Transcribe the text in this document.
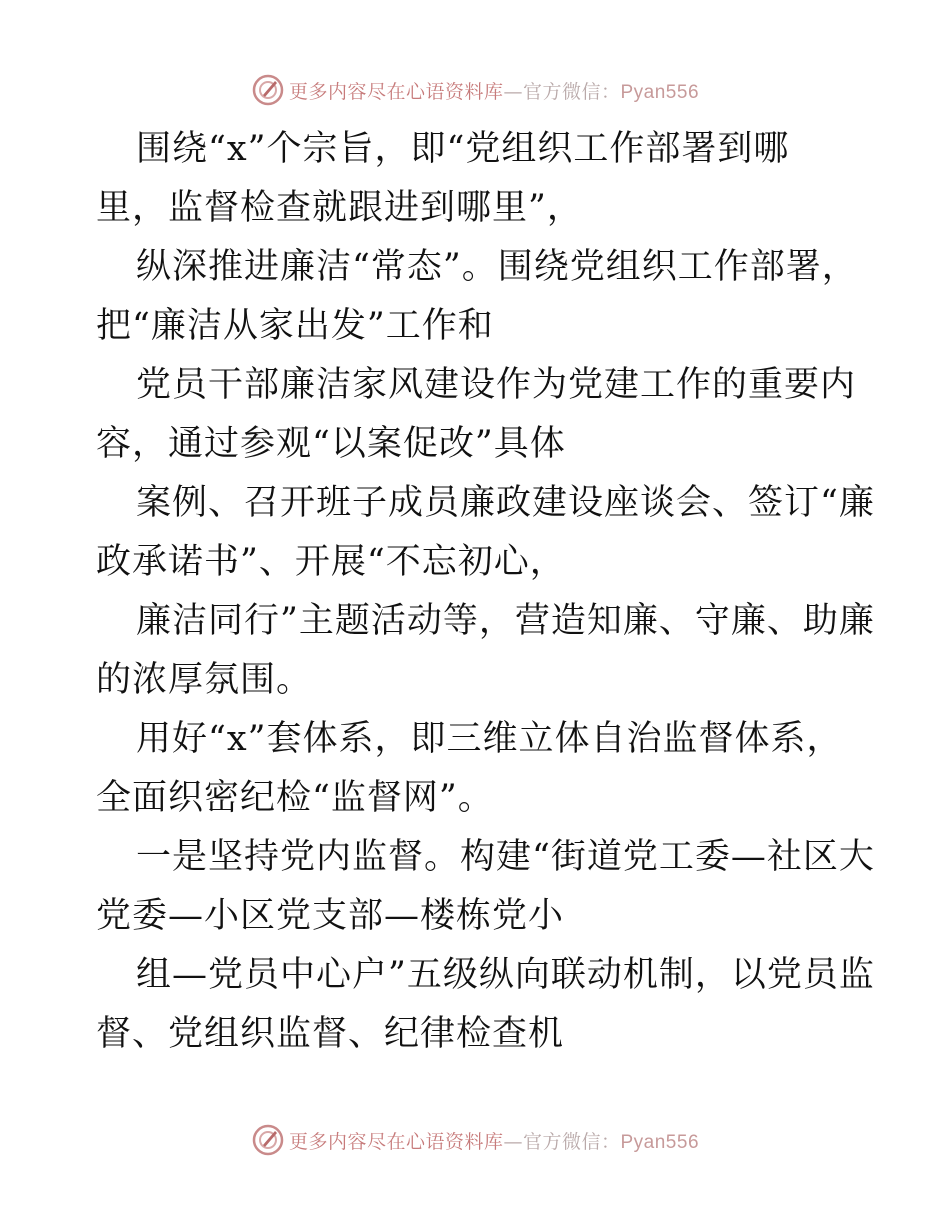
更多内容尽在心语资料库—官方微信：Pyan556
围绕“x”个宗旨，即“党组织工作部署到哪
里，监督检查就跟进到哪里”，
纵深推进廉洁“常态”。围绕党组织工作部署，
把“廉洁从家出发”工作和
党员干部廉洁家风建设作为党建工作的重要内
容，通过参观“以案促改”具体
案例、召开班子成员廉政建设座谈会、签订“廉
政承诺书”、开展“不忘初心，
廉洁同行”主题活动等，营造知廉、守廉、助廉
的浓厚氛围。
用好“x”套体系，即三维立体自治监督体系，
全面织密纪检“监督网”。
一是坚持党内监督。构建“街道党工委—社区大
党委—小区党支部—楼栋党小
组—党员中心户”五级纵向联动机制，以党员监
督、党组织监督、纪律检查机
更多内容尽在心语资料库—官方微信：Pyan556
